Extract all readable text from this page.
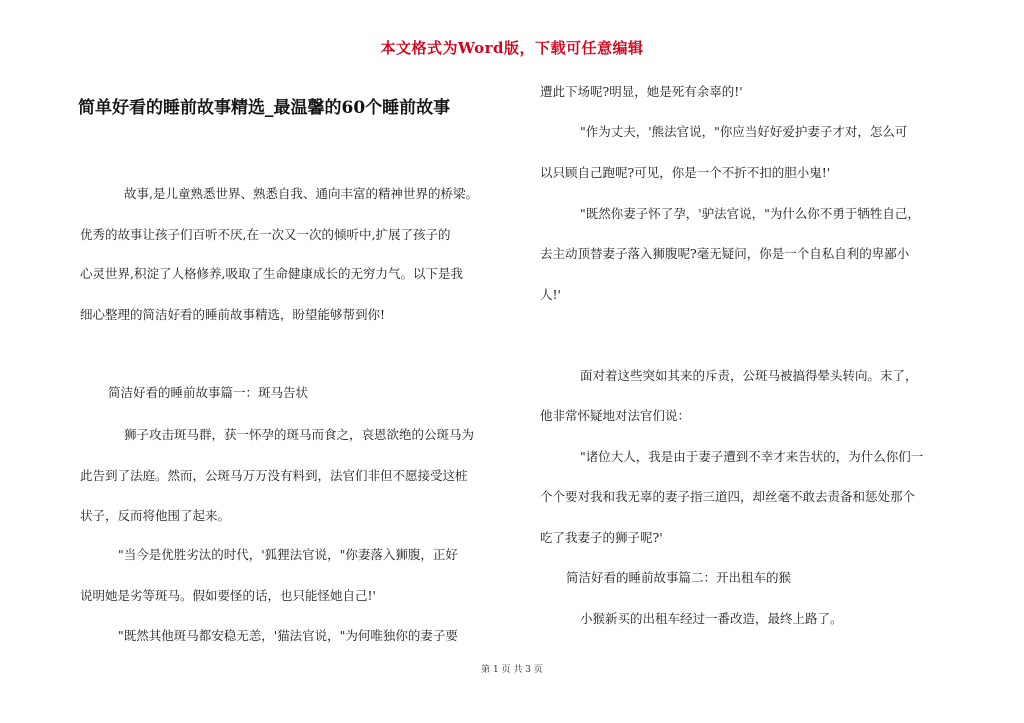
本文格式为Word版，下载可任意编辑
简单好看的睡前故事精选_最温馨的60个睡前故事

故事,是儿童熟悉世界、熟悉自我、通向丰富的精神世界的桥梁。

优秀的故事让孩子们百听不厌,在一次又一次的倾听中,扩展了孩子的

心灵世界,积淀了人格修养,吸取了生命健康成长的无穷力气。以下是我

细心整理的简洁好看的睡前故事精选，盼望能够帮到你!

简洁好看的睡前故事篇一：斑马告状

狮子攻击斑马群，获一怀孕的斑马而食之，哀恩欲绝的公斑马为

此告到了法庭。然而，公斑马万万没有料到，法官们非但不愿接受这桩

状子，反而将他围了起来。

"当今是优胜劣汰的时代，'狐狸法官说，"你妻落入狮腹，正好

说明她是劣等斑马。假如要怪的话，也只能怪她自己!'

"既然其他斑马都安稳无恙，'猫法官说，"为何唯独你的妻子要

遭此下场呢?明显，她是死有余辜的!'

"作为丈夫，'熊法官说，"你应当好好爱护妻子才对，怎么可

以只顾自己跑呢?可见，你是一个不折不扣的胆小鬼!'

"既然你妻子怀了孕，'驴法官说，"为什么你不勇于牺牲自己，

去主动顶替妻子落入狮腹呢?毫无疑问，你是一个自私自利的卑鄙小

人!'

面对着这些突如其来的斥责，公斑马被搞得晕头转向。末了，

他非常怀疑地对法官们说：

"诸位大人，我是由于妻子遭到不幸才来告状的，为什么你们一

个个要对我和我无辜的妻子指三道四，却丝毫不敢去责备和惩处那个

吃了我妻子的狮子呢?'

简洁好看的睡前故事篇二：开出租车的猴

小猴新买的出租车经过一番改造，最终上路了。

第 1 页 共 3 页
